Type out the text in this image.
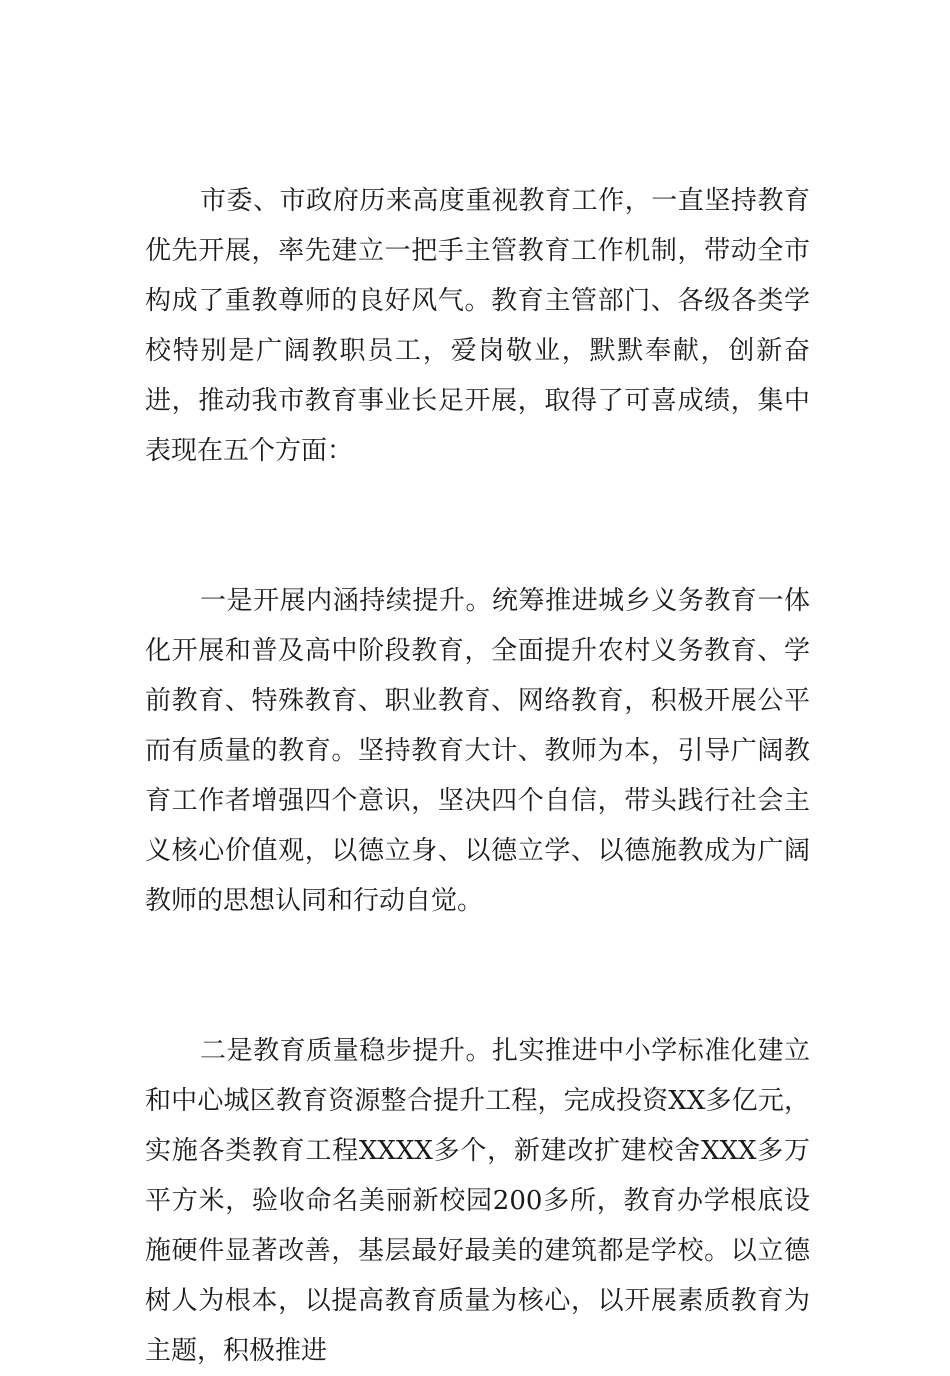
市委、市政府历来高度重视教育工作，一直坚持教育优先开展，率先建立一把手主管教育工作机制，带动全市构成了重教尊师的良好风气。教育主管部门、各级各类学校特别是广阔教职员工，爱岗敬业，默默奉献，创新奋进，推动我市教育事业长足开展，取得了可喜成绩，集中表现在五个方面：

一是开展内涵持续提升。统筹推进城乡义务教育一体化开展和普及高中阶段教育，全面提升农村义务教育、学前教育、特殊教育、职业教育、网络教育，积极开展公平而有质量的教育。坚持教育大计、教师为本，引导广阔教育工作者增强四个意识，坚决四个自信，带头践行社会主义核心价值观，以德立身、以德立学、以德施教成为广阔教师的思想认同和行动自觉。

二是教育质量稳步提升。扎实推进中小学标准化建立和中心城区教育资源整合提升工程，完成投资XX多亿元，实施各类教育工程XXXX多个，新建改扩建校舍XXX多万平方米，验收命名美丽新校园200多所，教育办学根底设施硬件显著改善，基层最好最美的建筑都是学校。以立德树人为根本，以提高教育质量为核心，以开展素质教育为主题，积极推进
